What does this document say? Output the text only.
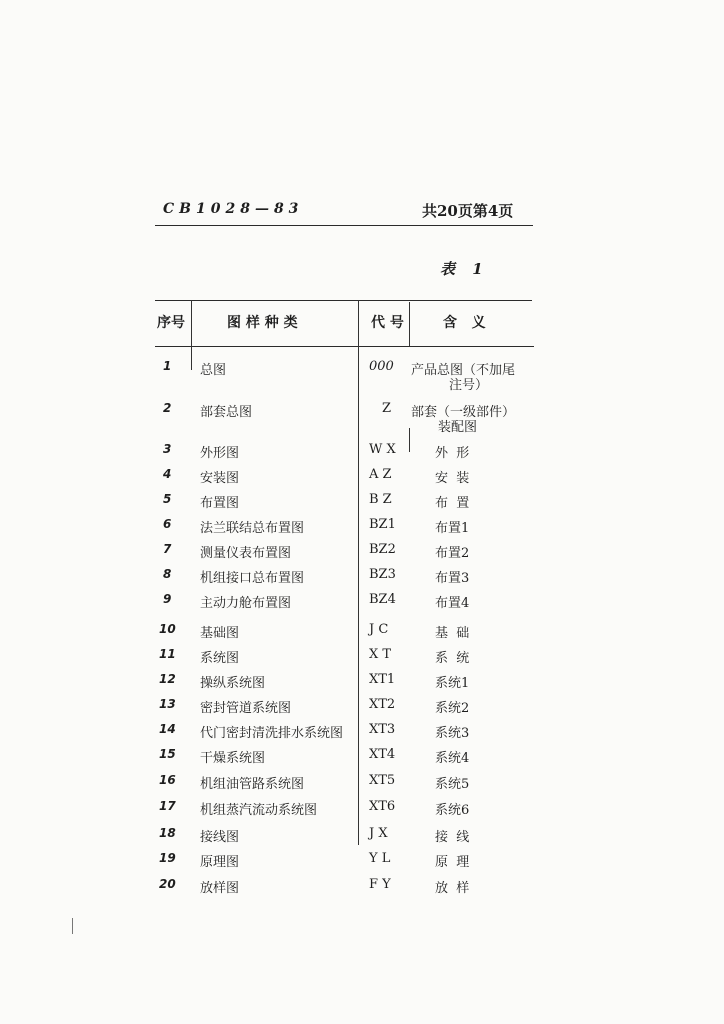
CB1028—83	共20页第4页
表 1
序号	图 样 种 类	代 号	含   义
1 总图	000 产品总图（不加尾
注号）
2 部套总图	Z 部套（一级部件）
装配图
3 外形图	W X	外  形
4 安装图	A Z	安  装
5 布置图	B Z	布  置
6 法兰联结总布置图	BZ1	布置1
7 测量仪表布置图	BZ2	布置2
8 机组接口总布置图	BZ3	布置3
9 主动力舱布置图	BZ4	布置4
10 基础图	J C	基  础
11 系统图	X T	系  统
12 操纵系统图	XT1	系统1
13 密封管道系统图	XT2	系统2
14 代门密封清洗排水系统图 XT3	系统3
15 干燥系统图	XT4	系统4
16 机组油管路系统图	XT5	系统5
17 机组蒸汽流动系统图	XT6	系统6
18 接线图	J X	接  线
19 原理图	Y L	原  理
20 放样图	F Y	放  样
